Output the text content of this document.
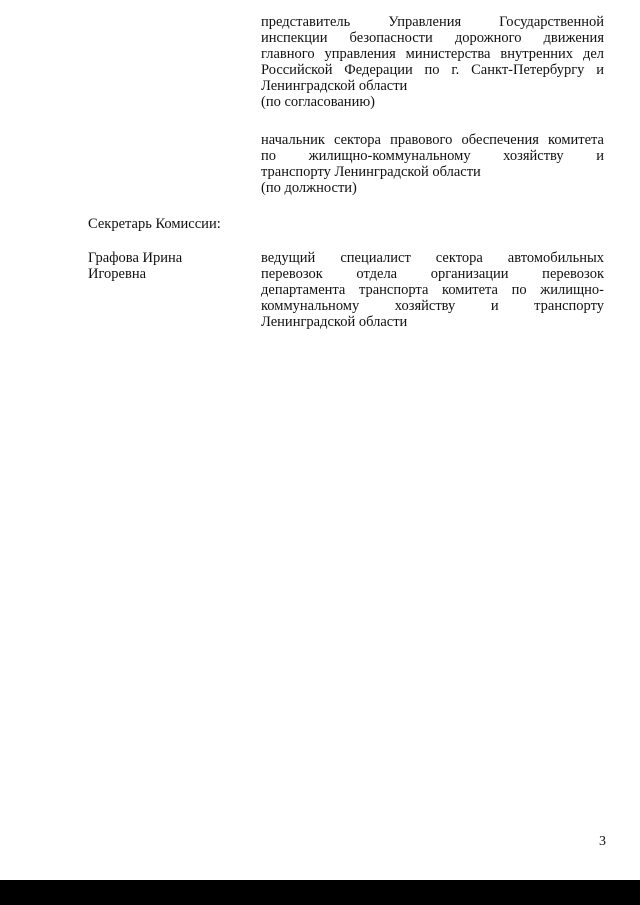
представитель Управления Государственной
инспекции безопасности дорожного движения
главного управления министерства внутренних дел
Российской Федерации по г. Санкт-Петербургу и
Ленинградской области
(по согласованию)
начальник сектора правового обеспечения комитета
по жилищно-коммунальному хозяйству и
транспорту Ленинградской области
(по должности)
Секретарь Комиссии:
Графова Ирина
Игоревна
ведущий специалист сектора автомобильных
перевозок отдела организации перевозок
департамента транспорта комитета по жилищно-
коммунальному хозяйству и транспорту
Ленинградской области
3
